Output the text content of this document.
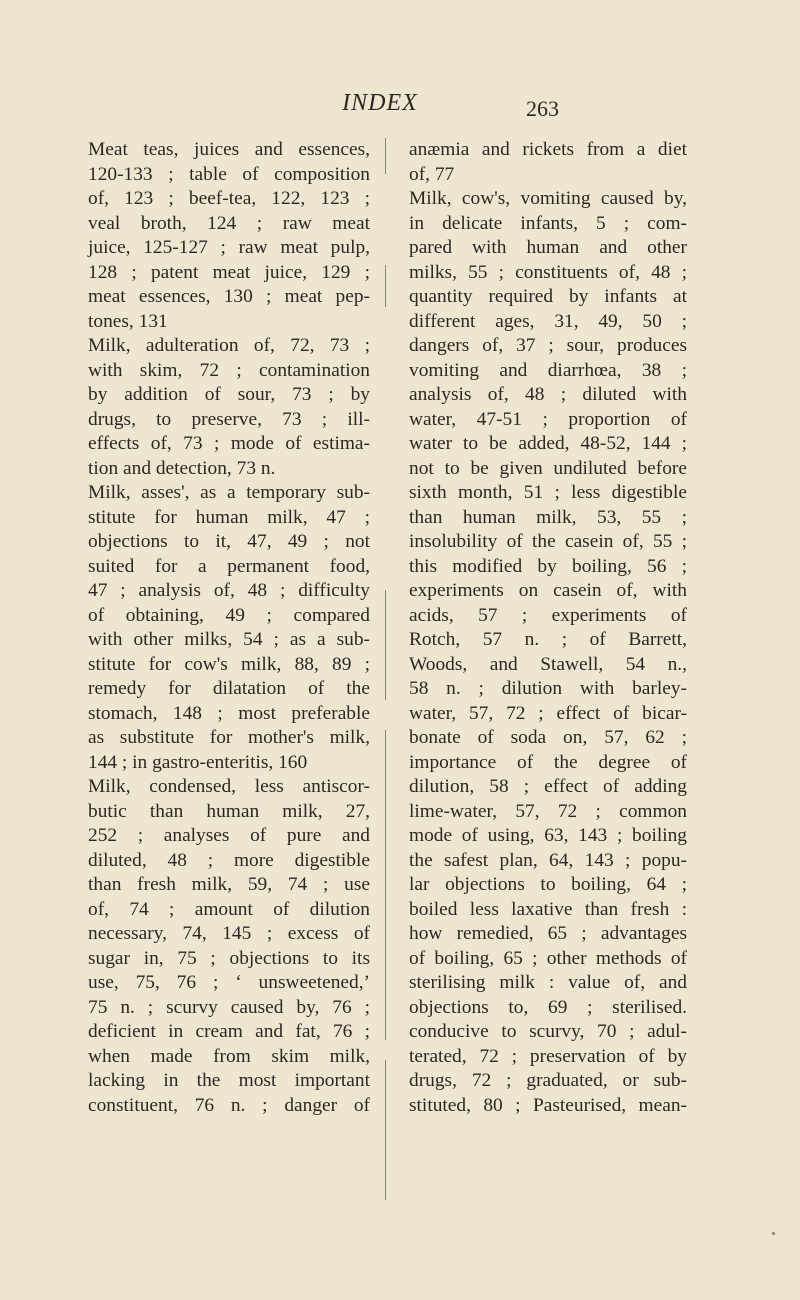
INDEX	263
Meat teas, juices and essences,
120-133 ; table of composition
of, 123 ; beef-tea, 122, 123 ;
veal broth, 124 ; raw meat
juice, 125-127 ; raw meat pulp,
128 ; patent meat juice, 129 ;
meat essences, 130 ; meat pep-
tones, 131
Milk, adulteration of, 72, 73 ;
with skim, 72 ; contamination
by addition of sour, 73 ; by
drugs, to preserve, 73 ; ill-
effects of, 73 ; mode of estima-
tion and detection, 73 n.
Milk, asses', as a temporary sub-
stitute for human milk, 47 ;
objections to it, 47, 49 ; not
suited for a permanent food,
47 ; analysis of, 48 ; difficulty
of obtaining, 49 ; compared
with other milks, 54 ; as a sub-
stitute for cow's milk, 88, 89 ;
remedy for dilatation of the
stomach, 148 ; most preferable
as substitute for mother's milk,
144 ; in gastro-enteritis, 160
Milk, condensed, less antiscor-
butic than human milk, 27,
252 ; analyses of pure and
diluted, 48 ; more digestible
than fresh milk, 59, 74 ; use
of, 74 ; amount of dilution
necessary, 74, 145 ; excess of
sugar in, 75 ; objections to its
use, 75, 76 ; ‘ unsweetened,’
75 n. ; scurvy caused by, 76 ;
deficient in cream and fat, 76 ;
when made from skim milk,
lacking in the most important
constituent, 76 n. ; danger of
anæmia and rickets from a diet
of, 77
Milk, cow's, vomiting caused by,
in delicate infants, 5 ; com-
pared with human and other
milks, 55 ; constituents of, 48 ;
quantity required by infants at
different ages, 31, 49, 50 ;
dangers of, 37 ; sour, produces
vomiting and diarrhœa, 38 ;
analysis of, 48 ; diluted with
water, 47-51 ; proportion of
water to be added, 48-52, 144 ;
not to be given undiluted before
sixth month, 51 ; less digestible
than human milk, 53, 55 ;
insolubility of the casein of, 55 ;
this modified by boiling, 56 ;
experiments on casein of, with
acids, 57 ; experiments of
Rotch, 57 n. ; of Barrett,
Woods, and Stawell, 54 n.,
58 n. ; dilution with barley-
water, 57, 72 ; effect of bicar-
bonate of soda on, 57, 62 ;
importance of the degree of
dilution, 58 ; effect of adding
lime-water, 57, 72 ; common
mode of using, 63, 143 ; boiling
the safest plan, 64, 143 ; popu-
lar objections to boiling, 64 ;
boiled less laxative than fresh :
how remedied, 65 ; advantages
of boiling, 65 ; other methods of
sterilising milk : value of, and
objections to, 69 ; sterilised.
conducive to scurvy, 70 ; adul-
terated, 72 ; preservation of by
drugs, 72 ; graduated, or sub-
stituted, 80 ; Pasteurised, mean-
